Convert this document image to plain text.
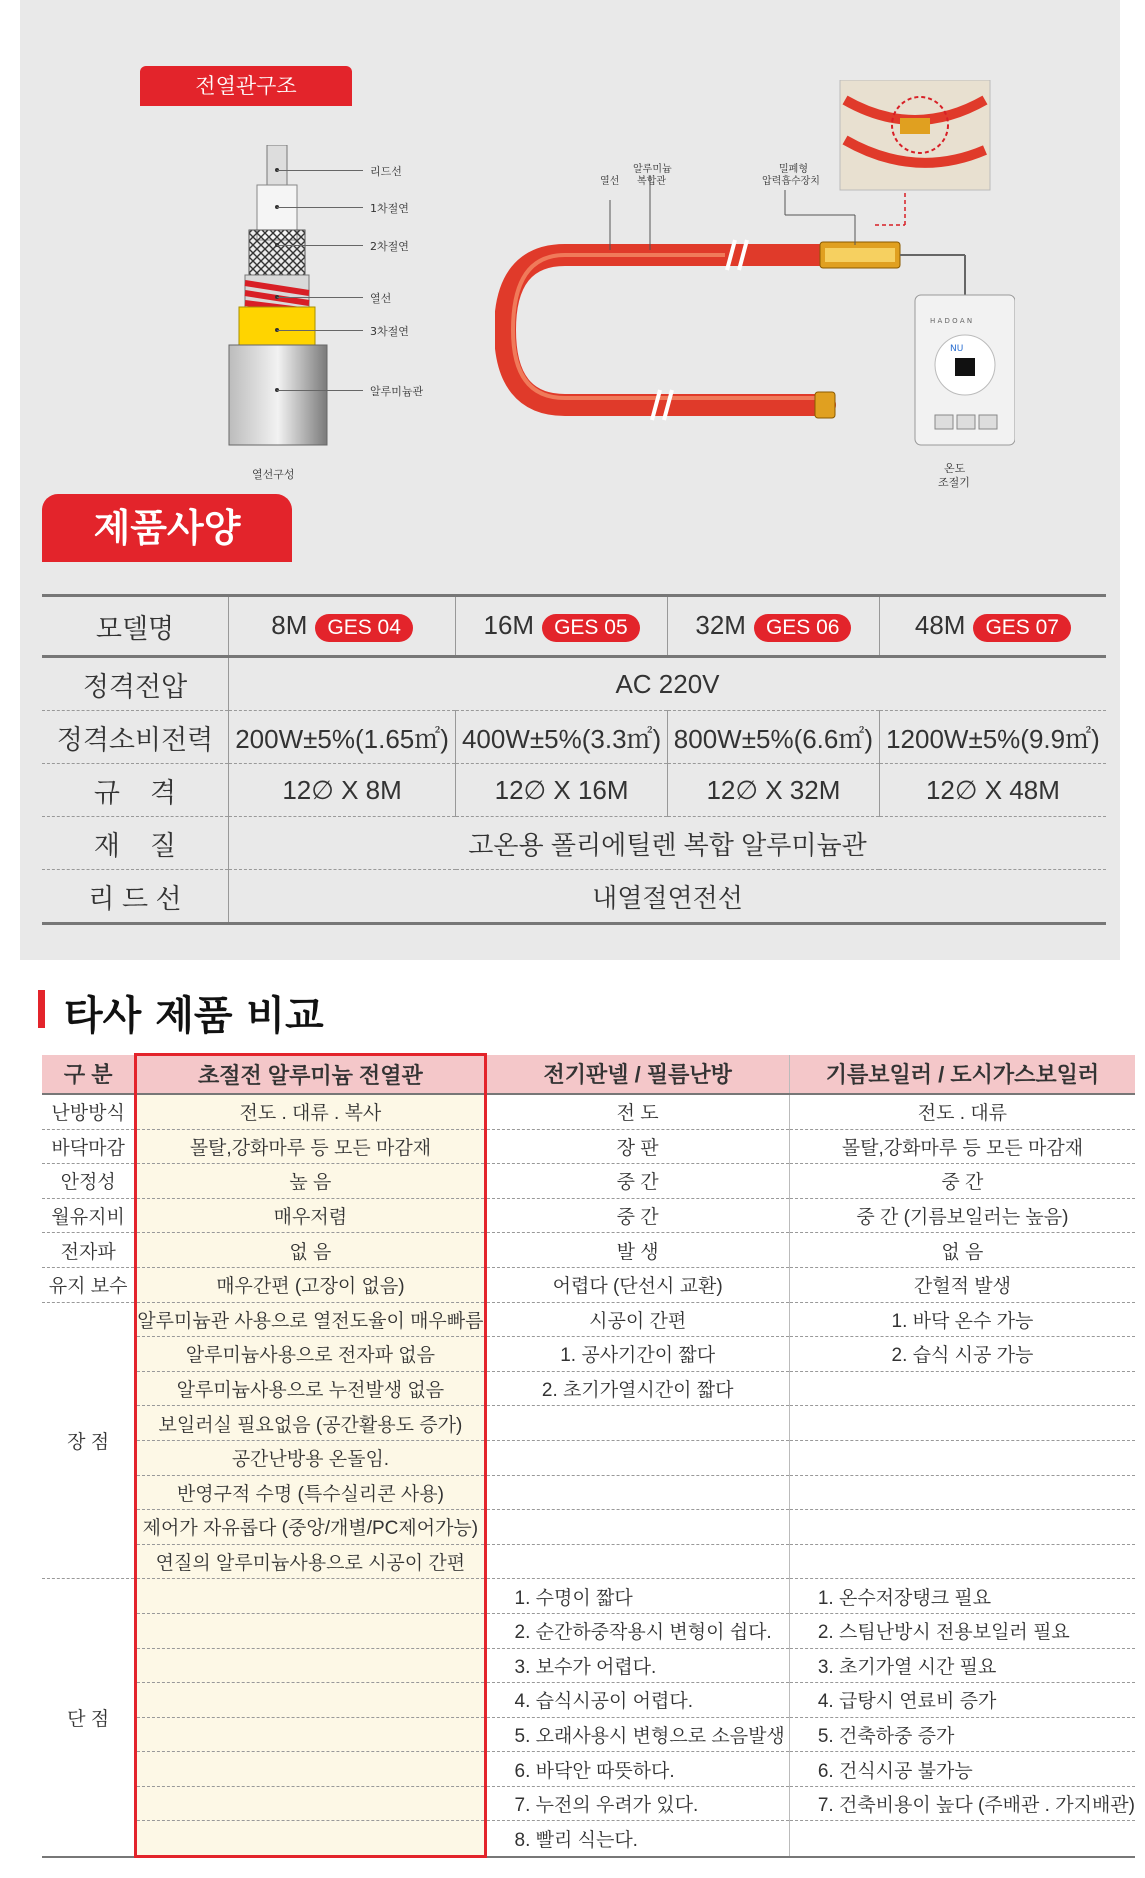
전열관구조
리드선
1차절연
2차절연
열선
3차절연
알루미늄관
열선구성
열선
알루미늄
복합관
밀폐형
압력흡수장치
H A D O A N
NU
온도
조절기
제품사양
모델명	8M GES 04	16M GES 05	32M GES 06	48M GES 07
정격전압	AC 220V			
정격소비전력	200W±5%(1.65㎡)	400W±5%(3.3㎡)	800W±5%(6.6㎡)	1200W±5%(9.9㎡)
규    격	12∅ X 8M	12∅ X 16M	12∅ X 32M	12∅ X 48M
재    질	고온용 폴리에틸렌 복합 알루미늄관			
리 드 선	내열절연전선			
타사 제품 비교
구 분	초절전 알루미늄 전열관	전기판넬 / 필름난방	기름보일러 / 도시가스보일러
난방방식	전도 . 대류 . 복사	전 도	전도 . 대류
바닥마감	몰탈,강화마루 등 모든 마감재	장 판	몰탈,강화마루 등 모든 마감재
안정성	높 음	중 간	중 간
월유지비	매우저렴	중 간	중 간 (기름보일러는 높음)
전자파	없 음	발 생	없 음
유지 보수	매우간편 (고장이 없음)	어렵다 (단선시 교환)	간헐적 발생
장 점	알루미늄관 사용으로 열전도율이 매우빠름	시공이 간편	1. 바닥 온수 가능
	알루미늄사용으로 전자파 없음	1. 공사기간이 짧다	2. 습식 시공 가능
	알루미늄사용으로 누전발생 없음	2. 초기가열시간이 짧다	
	보일러실 필요없음 (공간활용도 증가)		
	공간난방용 온돌임.		
	반영구적 수명 (특수실리콘 사용)		
	제어가 자유롭다 (중앙/개별/PC제어가능)		
	연질의 알루미늄사용으로 시공이 간편		
단 점		1. 수명이 짧다	1. 온수저장탱크 필요
		2. 순간하중작용시 변형이 쉽다.	2. 스팀난방시 전용보일러 필요
		3. 보수가 어렵다.	3. 초기가열 시간 필요
		4. 습식시공이 어렵다.	4. 급탕시 연료비 증가
		5. 오래사용시 변형으로 소음발생	5. 건축하중 증가
		6. 바닥안 따뜻하다.	6. 건식시공 불가능
		7. 누전의 우려가 있다.	7. 건축비용이 높다 (주배관 . 가지배관)
		8. 빨리 식는다.	
